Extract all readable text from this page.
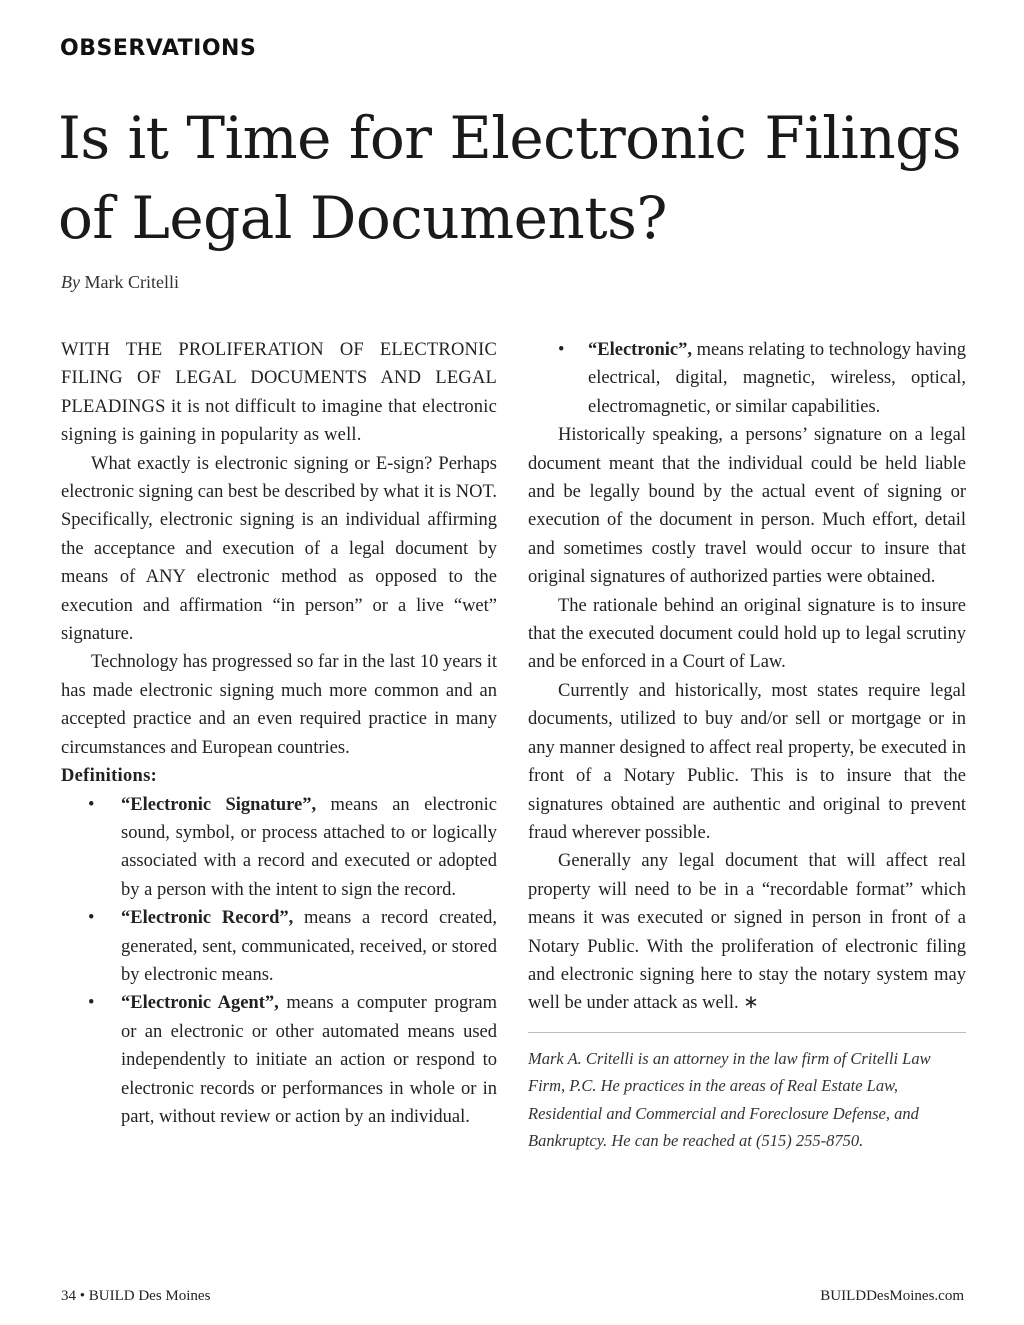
OBSERVATIONS
Is it Time for Electronic Filings of Legal Documents?
By Mark Critelli

WITH THE PROLIFERATION OF ELECTRONIC FILING OF LEGAL DOCUMENTS AND LEGAL PLEADINGS it is not difficult to imagine that electronic signing is gaining in popularity as well.

What exactly is electronic signing or E-sign? Perhaps electronic signing can best be described by what it is NOT. Specifically, electronic signing is an individual affirming the acceptance and execution of a legal document by means of ANY electronic method as opposed to the execution and affirmation “in person” or a live “wet” signature.

Technology has progressed so far in the last 10 years it has made electronic signing much more common and an accepted practice and an even required practice in many circumstances and European countries.

Definitions:

• “Electronic Signature”, means an electronic sound, symbol, or process attached to or logically associated with a record and executed or adopted by a person with the intent to sign the record.
• “Electronic Record”, means a record created, generated, sent, communicated, received, or stored by electronic means.
• “Electronic Agent”, means a computer program or an electronic or other automated means used independently to initiate an action or respond to electronic records or performances in whole or in part, without review or action by an individual.
• “Electronic”, means relating to technology having electrical, digital, magnetic, wireless, optical, electromagnetic, or similar capabilities.

Historically speaking, a persons’ signature on a legal document meant that the individual could be held liable and be legally bound by the actual event of signing or execution of the document in person. Much effort, detail and sometimes costly travel would occur to insure that original signatures of authorized parties were obtained.

The rationale behind an original signature is to insure that the executed document could hold up to legal scrutiny and be enforced in a Court of Law.

Currently and historically, most states require legal documents, utilized to buy and/or sell or mortgage or in any manner designed to affect real property, be executed in front of a Notary Public. This is to insure that the signatures obtained are authentic and original to prevent fraud wherever possible.

Generally any legal document that will affect real property will need to be in a “recordable format” which means it was executed or signed in person in front of a Notary Public. With the proliferation of electronic filing and electronic signing here to stay the notary system may well be under attack as well. ∗

Mark A. Critelli is an attorney in the law firm of Critelli Law Firm, P.C. He practices in the areas of Real Estate Law, Residential and Commercial and Foreclosure Defense, and Bankruptcy. He can be reached at (515) 255-8750.

34 • BUILD Des Moines	BUILDDesMoines.com
